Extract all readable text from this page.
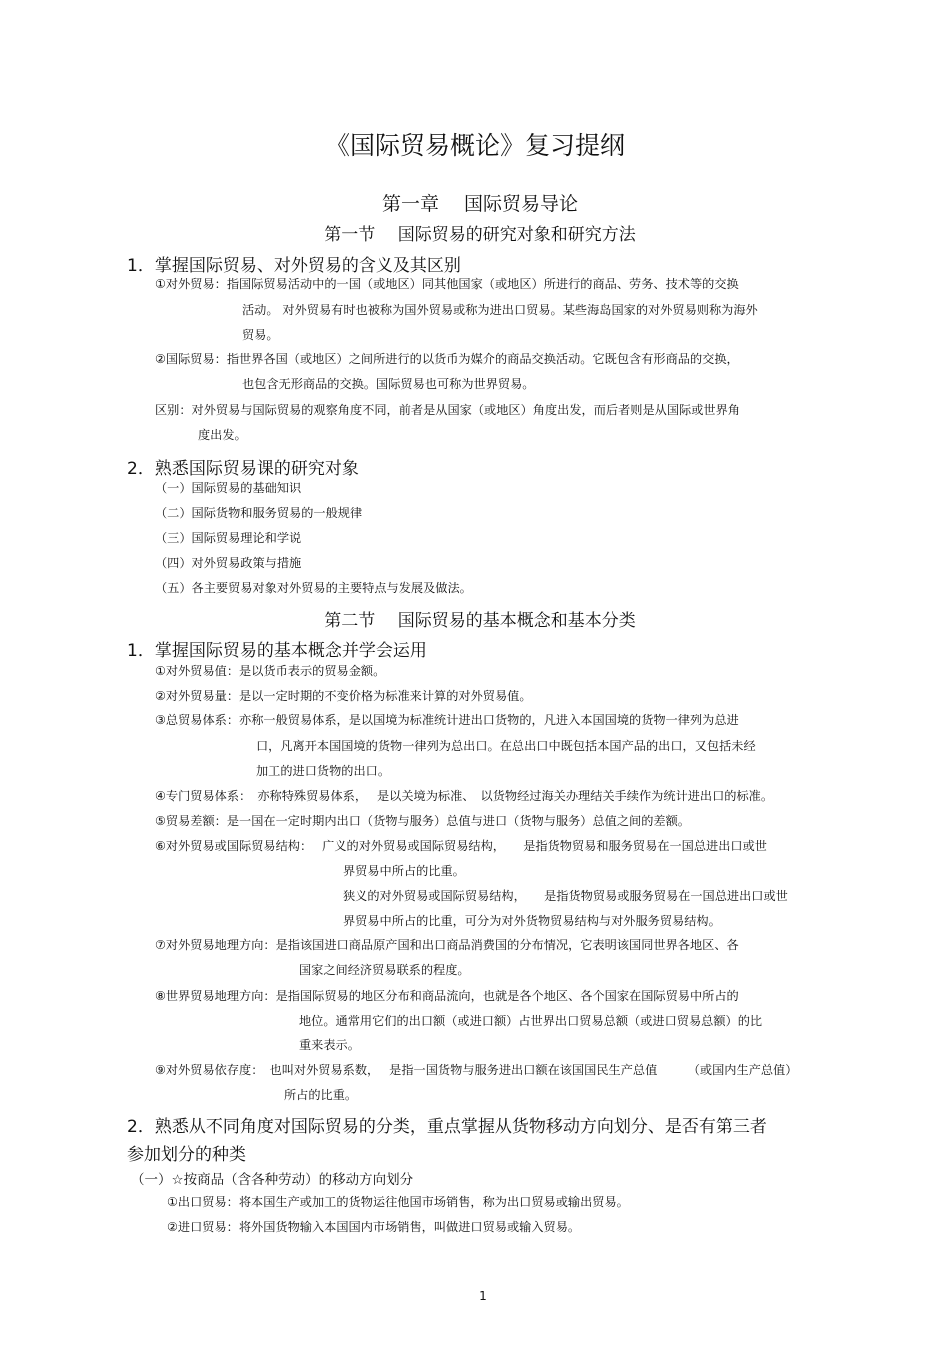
《国际贸易概论》复习提纲
第一章　 国际贸易导论
第一节　 国际贸易的研究对象和研究方法
1．掌握国际贸易、对外贸易的含义及其区别
①对外贸易：指国际贸易活动中的一国（或地区）同其他国家（或地区）所进行的商品、劳务、技术等的交换
活动。 对外贸易有时也被称为国外贸易或称为进出口贸易。某些海岛国家的对外贸易则称为海外
贸易。
②国际贸易：指世界各国（或地区）之间所进行的以货币为媒介的商品交换活动。它既包含有形商品的交换，
也包含无形商品的交换。国际贸易也可称为世界贸易。
区别：对外贸易与国际贸易的观察角度不同，前者是从国家（或地区）角度出发，而后者则是从国际或世界角
度出发。
2．熟悉国际贸易课的研究对象
（一）国际贸易的基础知识
（二）国际货物和服务贸易的一般规律
（三）国际贸易理论和学说
（四）对外贸易政策与措施
（五）各主要贸易对象对外贸易的主要特点与发展及做法。
第二节　 国际贸易的基本概念和基本分类
1．掌握国际贸易的基本概念并学会运用
①对外贸易值：是以货币表示的贸易金额。
②对外贸易量：是以一定时期的不变价格为标准来计算的对外贸易值。
③总贸易体系：亦称一般贸易体系，是以国境为标准统计进出口货物的，凡进入本国国境的货物一律列为总进
口，凡离开本国国境的货物一律列为总出口。在总出口中既包括本国产品的出口，又包括未经
加工的进口货物的出口。
④专门贸易体系：　亦称特殊贸易体系，　 是以关境为标准、　以货物经过海关办理结关手续作为统计进出口的标准。
⑤贸易差额：是一国在一定时期内出口（货物与服务）总值与进口（货物与服务）总值之间的差额。
⑥对外贸易或国际贸易结构：　 广义的对外贸易或国际贸易结构，　　是指货物贸易和服务贸易在一国总进出口或世
界贸易中所占的比重。
狭义的对外贸易或国际贸易结构，　　是指货物贸易或服务贸易在一国总进出口或世
界贸易中所占的比重，可分为对外货物贸易结构与对外服务贸易结构。
⑦对外贸易地理方向：是指该国进口商品原产国和出口商品消费国的分布情况，它表明该国同世界各地区、各
国家之间经济贸易联系的程度。
⑧世界贸易地理方向：是指国际贸易的地区分布和商品流向，也就是各个地区、各个国家在国际贸易中所占的
地位。通常用它们的出口额（或进口额）占世界出口贸易总额（或进口贸易总额）的比
重来表示。
⑨对外贸易依存度：　也叫对外贸易系数，　 是指一国货物与服务进出口额在该国国民生产总值　　　（或国内生产总值）
所占的比重。
2．熟悉从不同角度对国际贸易的分类，重点掌握从货物移动方向划分、是否有第三者
参加划分的种类
（一）☆按商品（含各种劳动）的移动方向划分
①出口贸易：将本国生产或加工的货物运往他国市场销售，称为出口贸易或输出贸易。
②进口贸易：将外国货物输入本国国内市场销售，叫做进口贸易或输入贸易。
1
